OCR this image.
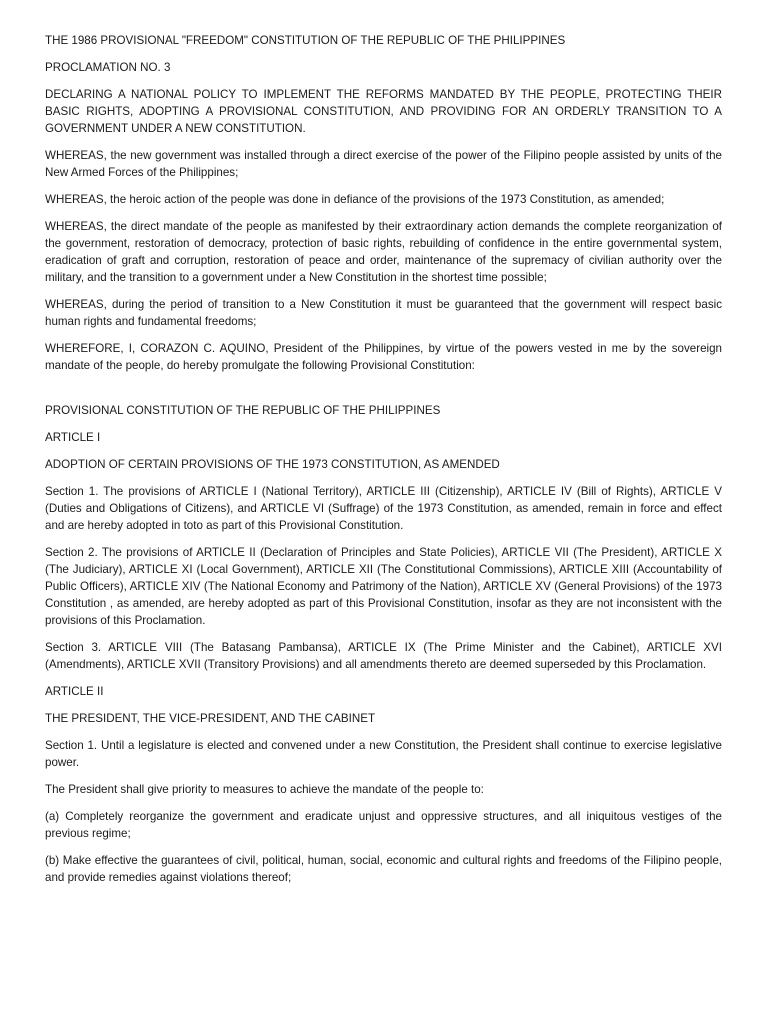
THE 1986 PROVISIONAL "FREEDOM" CONSTITUTION OF THE REPUBLIC OF THE PHILIPPINES

PROCLAMATION NO. 3

DECLARING A NATIONAL POLICY TO IMPLEMENT THE REFORMS MANDATED BY THE PEOPLE, PROTECTING THEIR BASIC RIGHTS, ADOPTING A PROVISIONAL CONSTITUTION, AND PROVIDING FOR AN ORDERLY TRANSITION TO A GOVERNMENT UNDER A NEW CONSTITUTION.

WHEREAS, the new government was installed through a direct exercise of the power of the Filipino people assisted by units of the New Armed Forces of the Philippines;

WHEREAS, the heroic action of the people was done in defiance of the provisions of the 1973 Constitution, as amended;

WHEREAS, the direct mandate of the people as manifested by their extraordinary action demands the complete reorganization of the government, restoration of democracy, protection of basic rights, rebuilding of confidence in the entire governmental system, eradication of graft and corruption, restoration of peace and order, maintenance of the supremacy of civilian authority over the military, and the transition to a government under a New Constitution in the shortest time possible;

WHEREAS, during the period of transition to a New Constitution it must be guaranteed that the government will respect basic human rights and fundamental freedoms;

WHEREFORE, I, CORAZON C. AQUINO, President of the Philippines, by virtue of the powers vested in me by the sovereign mandate of the people, do hereby promulgate the following Provisional Constitution:

PROVISIONAL CONSTITUTION OF THE REPUBLIC OF THE PHILIPPINES

ARTICLE I

ADOPTION OF CERTAIN PROVISIONS OF THE 1973 CONSTITUTION, AS AMENDED

Section 1. The provisions of ARTICLE I (National Territory), ARTICLE III (Citizenship), ARTICLE IV (Bill of Rights), ARTICLE V (Duties and Obligations of Citizens), and ARTICLE VI (Suffrage) of the 1973 Constitution, as amended, remain in force and effect and are hereby adopted in toto as part of this Provisional Constitution.

Section 2. The provisions of ARTICLE II (Declaration of Principles and State Policies), ARTICLE VII (The President), ARTICLE X (The Judiciary), ARTICLE XI (Local Government), ARTICLE XII (The Constitutional Commissions), ARTICLE XIII (Accountability of Public Officers), ARTICLE XIV (The National Economy and Patrimony of the Nation), ARTICLE XV (General Provisions) of the 1973 Constitution , as amended, are hereby adopted as part of this Provisional Constitution, insofar as they are not inconsistent with the provisions of this Proclamation.

Section 3. ARTICLE VIII (The Batasang Pambansa), ARTICLE IX (The Prime Minister and the Cabinet), ARTICLE XVI (Amendments), ARTICLE XVII (Transitory Provisions) and all amendments thereto are deemed superseded by this Proclamation.

ARTICLE II

THE PRESIDENT, THE VICE-PRESIDENT, AND THE CABINET

Section 1. Until a legislature is elected and convened under a new Constitution, the President shall continue to exercise legislative power.

The President shall give priority to measures to achieve the mandate of the people to:

(a) Completely reorganize the government and eradicate unjust and oppressive structures, and all iniquitous vestiges of the previous regime;

(b) Make effective the guarantees of civil, political, human, social, economic and cultural rights and freedoms of the Filipino people, and provide remedies against violations thereof;
